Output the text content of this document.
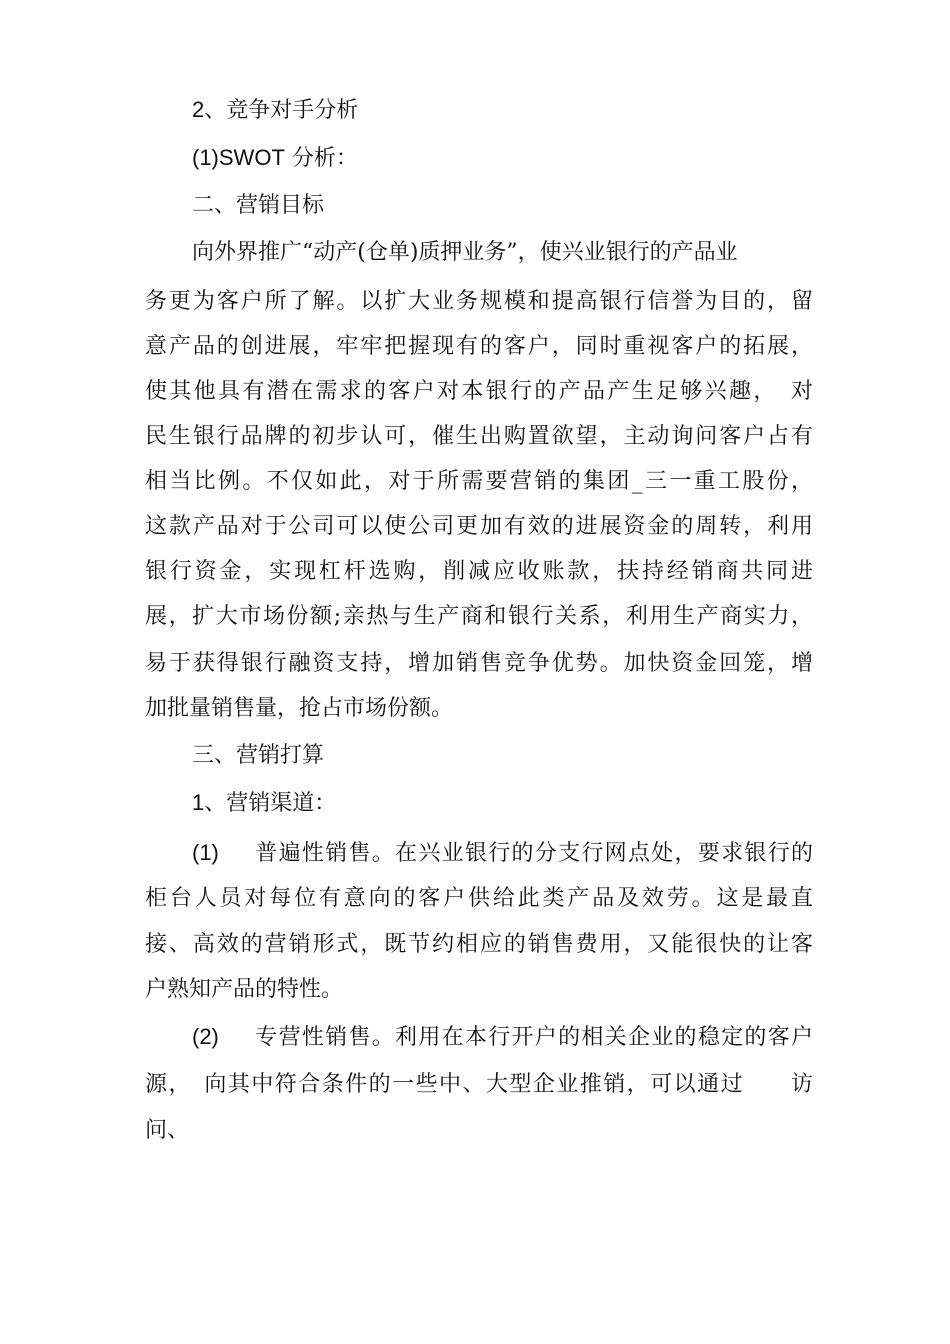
2、竞争对手分析
(1)SWOT 分析：
二、营销目标
向外界推广“动产(仓单)质押业务”，使兴业银行的产品业
务更为客户所了解。以扩大业务规模和提高银行信誉为目的，留
意产品的创进展，牢牢把握现有的客户，同时重视客户的拓展，
使其他具有潜在需求的客户对本银行的产品产生足够兴趣，　对
民生银行品牌的初步认可，催生出购置欲望，主动询问客户占有
相当比例。不仅如此，对于所需要营销的集团_三一重工股份，
这款产品对于公司可以使公司更加有效的进展资金的周转，利用
银行资金，实现杠杆选购，削减应收账款，扶持经销商共同进
展，扩大市场份额;亲热与生产商和银行关系，利用生产商实力，
易于获得银行融资支持，增加销售竞争优势。加快资金回笼，增
加批量销售量，抢占市场份额。
三、营销打算
1、营销渠道：
(1) 普遍性销售。在兴业银行的分支行网点处，要求银行的
柜台人员对每位有意向的客户供给此类产品及效劳。这是最直
接、高效的营销形式，既节约相应的销售费用，又能很快的让客
户熟知产品的特性。
(2) 专营性销售。利用在本行开户的相关企业的稳定的客户
源，　向其中符合条件的一些中、大型企业推销，可以通过　　访
问、
